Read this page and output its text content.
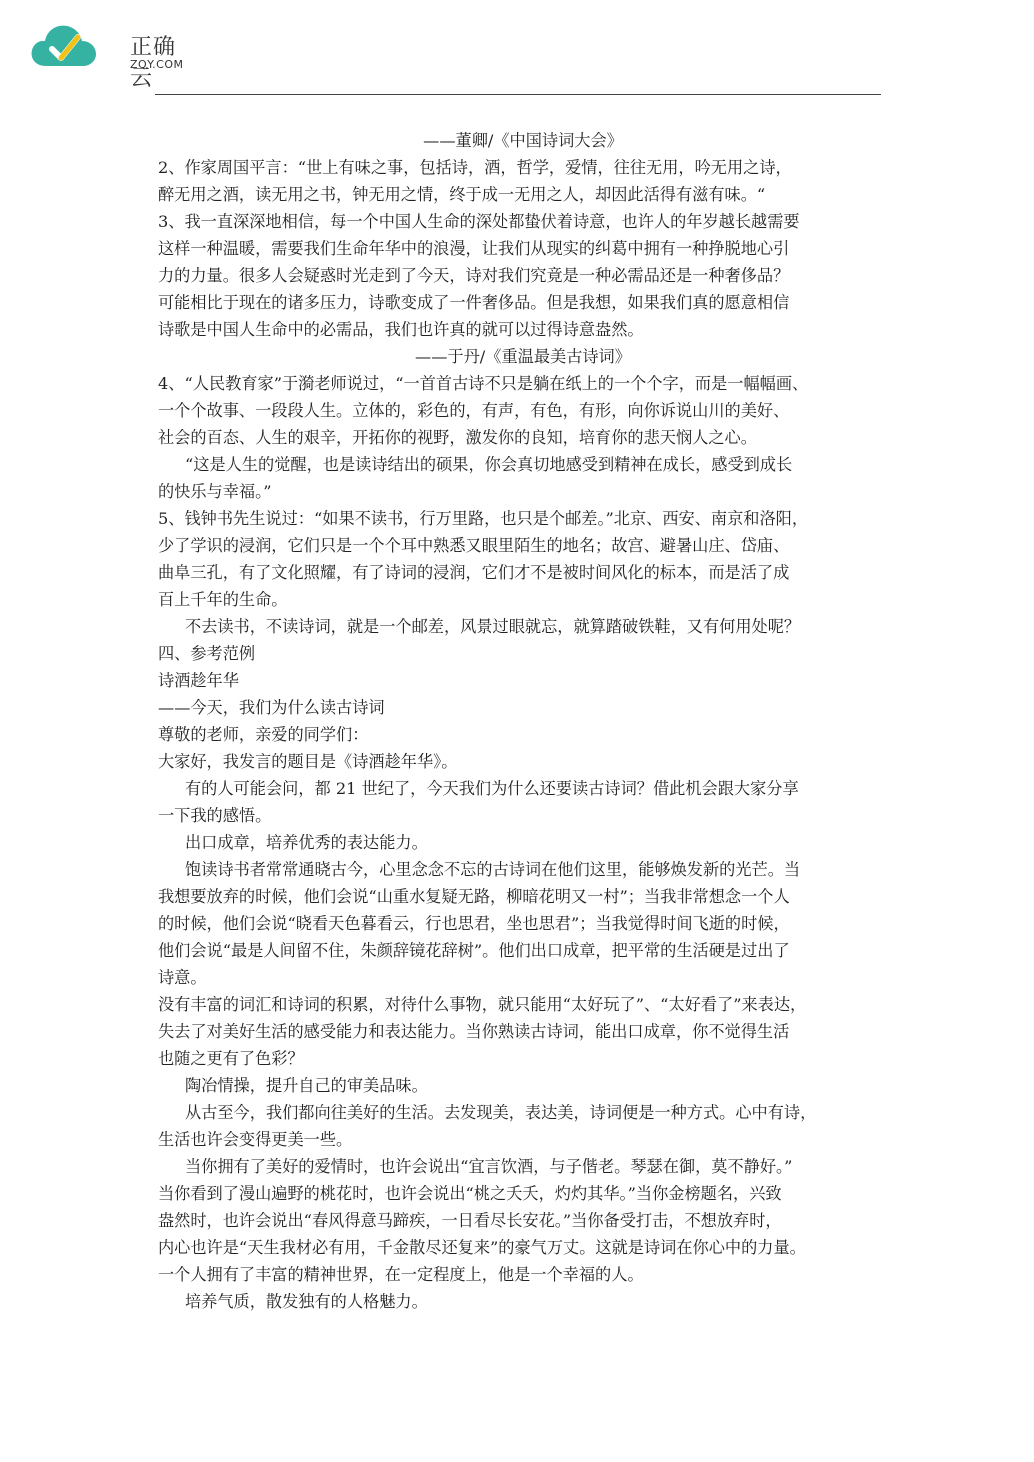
正确云
ZQY.COM
——董卿/《中国诗词大会》
2、作家周国平言：“世上有味之事，包括诗，酒，哲学，爱情，往往无用，吟无用之诗，
醉无用之酒，读无用之书，钟无用之情，终于成一无用之人，却因此活得有滋有味。“
3、我一直深深地相信，每一个中国人生命的深处都蛰伏着诗意，也许人的年岁越长越需要
这样一种温暖，需要我们生命年华中的浪漫，让我们从现实的纠葛中拥有一种挣脱地心引
力的力量。很多人会疑惑时光走到了今天，诗对我们究竟是一种必需品还是一种奢侈品？
可能相比于现在的诸多压力，诗歌变成了一件奢侈品。但是我想，如果我们真的愿意相信
诗歌是中国人生命中的必需品，我们也许真的就可以过得诗意盎然。
——于丹/《重温最美古诗词》
4、“人民教育家”于漪老师说过，“一首首古诗不只是躺在纸上的一个个字，而是一幅幅画、
一个个故事、一段段人生。立体的，彩色的，有声，有色，有形，向你诉说山川的美好、
社会的百态、人生的艰辛，开拓你的视野，激发你的良知，培育你的悲天悯人之心。
“这是人生的觉醒，也是读诗结出的硕果，你会真切地感受到精神在成长，感受到成长
的快乐与幸福。”
5、钱钟书先生说过：“如果不读书，行万里路，也只是个邮差。”北京、西安、南京和洛阳，
少了学识的浸润，它们只是一个个耳中熟悉又眼里陌生的地名；故宫、避暑山庄、岱庙、
曲阜三孔，有了文化照耀，有了诗词的浸润，它们才不是被时间风化的标本，而是活了成
百上千年的生命。
不去读书，不读诗词，就是一个邮差，风景过眼就忘，就算踏破铁鞋，又有何用处呢？
四、参考范例
诗酒趁年华
——今天，我们为什么读古诗词
尊敬的老师，亲爱的同学们：
大家好，我发言的题目是《诗酒趁年华》。
有的人可能会问，都 21 世纪了，今天我们为什么还要读古诗词？借此机会跟大家分享
一下我的感悟。
出口成章，培养优秀的表达能力。
饱读诗书者常常通晓古今，心里念念不忘的古诗词在他们这里，能够焕发新的光芒。当
我想要放弃的时候，他们会说“山重水复疑无路，柳暗花明又一村”；当我非常想念一个人
的时候，他们会说“晓看天色暮看云，行也思君，坐也思君”；当我觉得时间飞逝的时候，
他们会说“最是人间留不住，朱颜辞镜花辞树”。他们出口成章，把平常的生活硬是过出了
诗意。
没有丰富的词汇和诗词的积累，对待什么事物，就只能用“太好玩了”、“太好看了”来表达，
失去了对美好生活的感受能力和表达能力。当你熟读古诗词，能出口成章，你不觉得生活
也随之更有了色彩？
陶冶情操，提升自己的审美品味。
从古至今，我们都向往美好的生活。去发现美，表达美，诗词便是一种方式。心中有诗，
生活也许会变得更美一些。
当你拥有了美好的爱情时，也许会说出“宜言饮酒，与子偕老。琴瑟在御，莫不静好。”
当你看到了漫山遍野的桃花时，也许会说出“桃之夭夭，灼灼其华。”当你金榜题名，兴致
盎然时，也许会说出“春风得意马蹄疾，一日看尽长安花。”当你备受打击，不想放弃时，
内心也许是“天生我材必有用，千金散尽还复来”的豪气万丈。这就是诗词在你心中的力量。
一个人拥有了丰富的精神世界，在一定程度上，他是一个幸福的人。
培养气质，散发独有的人格魅力。
